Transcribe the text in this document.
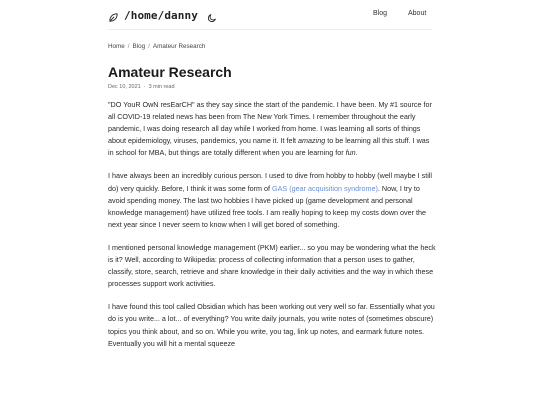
/home/danny	Blog	About
Home / Blog / Amateur Research
Amateur Research
Dec 10, 2021 · 3 min read

"DO YouR OwN resEarCH" as they say since the start of the pandemic. I have been. My #1 source for all COVID-19 related news has been from The New York Times. I remember throughout the early pandemic, I was doing research all day while I worked from home. I was learning all sorts of things about epidemiology, viruses, pandemics, you name it. It felt amazing to be learning all this stuff. I was in school for MBA, but things are totally different when you are learning for fun.

I have always been an incredibly curious person. I used to dive from hobby to hobby (well maybe I still do) very quickly. Before, I think it was some form of GAS (gear acquisition syndrome). Now, I try to avoid spending money. The last two hobbies I have picked up (game development and personal knowledge management) have utilized free tools. I am really hoping to keep my costs down over the next year since I never seem to know when I will get bored of something.

I mentioned personal knowledge management (PKM) earlier... so you may be wondering what the heck is it? Well, according to Wikipedia: process of collecting information that a person uses to gather, classify, store, search, retrieve and share knowledge in their daily activities and the way in which these processes support work activities.

I have found this tool called Obsidian which has been working out very well so far. Essentially what you do is you write... a lot... of everything? You write daily journals, you write notes of (sometimes obscure) topics you think about, and so on. While you write, you tag, link up notes, and earmark future notes. Eventually you will hit a mental squeeze
